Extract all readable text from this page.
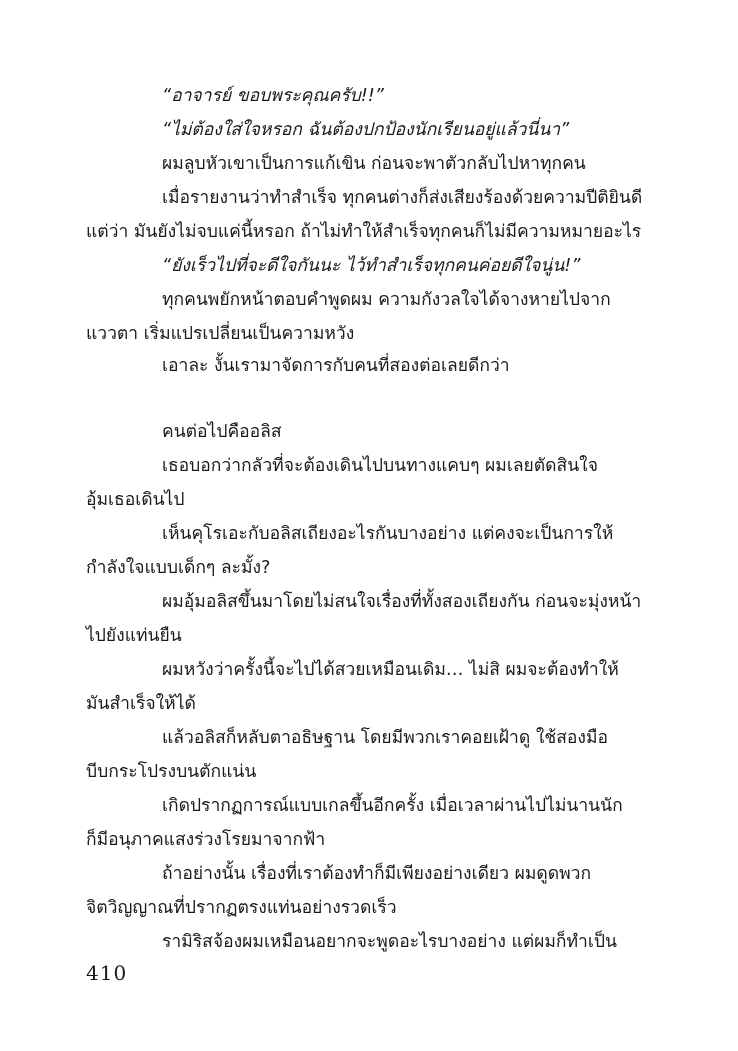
“อาจารย์ ขอบพระคุณครับ!!”
“ไม่ต้องใส่ใจหรอก ฉันต้องปกป้องนักเรียนอยู่แล้วนี่นา”
ผมลูบหัวเขาเป็นการแก้เขิน ก่อนจะพาตัวกลับไปหาทุกคน
เมื่อรายงานว่าทำสำเร็จ ทุกคนต่างก็ส่งเสียงร้องด้วยความปีติยินดี
แต่ว่า มันยังไม่จบแค่นี้หรอก ถ้าไม่ทำให้สำเร็จทุกคนก็ไม่มีความหมายอะไร
“ยังเร็วไปที่จะดีใจกันนะ ไว้ทำสำเร็จทุกคนค่อยดีใจนู่น!”
ทุกคนพยักหน้าตอบคำพูดผม ความกังวลใจได้จางหายไปจาก
แววตา เริ่มแปรเปลี่ยนเป็นความหวัง
เอาละ งั้นเรามาจัดการกับคนที่สองต่อเลยดีกว่า
คนต่อไปคืออลิส
เธอบอกว่ากลัวที่จะต้องเดินไปบนทางแคบๆ ผมเลยตัดสินใจ
อุ้มเธอเดินไป
เห็นคุโรเอะกับอลิสเถียงอะไรกันบางอย่าง แต่คงจะเป็นการให้
กำลังใจแบบเด็กๆ ละมั้ง?
ผมอุ้มอลิสขึ้นมาโดยไม่สนใจเรื่องที่ทั้งสองเถียงกัน ก่อนจะมุ่งหน้า
ไปยังแท่นยืน
ผมหวังว่าครั้งนี้จะไปได้สวยเหมือนเดิม… ไม่สิ ผมจะต้องทำให้
มันสำเร็จให้ได้
แล้วอลิสก็หลับตาอธิษฐาน โดยมีพวกเราคอยเฝ้าดู ใช้สองมือ
บีบกระโปรงบนตักแน่น
เกิดปรากฏการณ์แบบเกลขึ้นอีกครั้ง เมื่อเวลาผ่านไปไม่นานนัก
ก็มีอนุภาคแสงร่วงโรยมาจากฟ้า
ถ้าอย่างนั้น เรื่องที่เราต้องทำก็มีเพียงอย่างเดียว ผมดูดพวก
จิตวิญญาณที่ปรากฏตรงแท่นอย่างรวดเร็ว
รามิริสจ้องผมเหมือนอยากจะพูดอะไรบางอย่าง แต่ผมก็ทำเป็น
410
